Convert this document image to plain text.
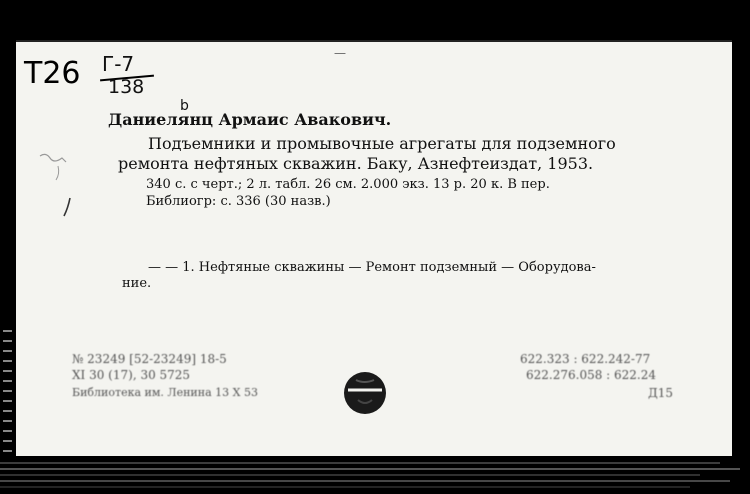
—
Т26 Г-7
138
b
Даниелянц Армаис Авакович.
Подъемники и промывочные агрегаты для подземного
ремонта нефтяных скважин. Баку, Азнефтеиздат, 1953.
340 с. с черт.; 2 л. табл. 26 см. 2.000 экз. 13 р. 20 к. В пер.
Библиогр: с. 336 (30 назв.)
— — 1. Нефтяные скважины — Ремонт подземный — Оборудова-
ние.
№ 23249 [52-23249] 18-5
XI 30 (17), 30 5725
Библиотека им. Ленина 13 X 53
622.323 : 622.242-77
622.276.058 : 622.24
Д15
